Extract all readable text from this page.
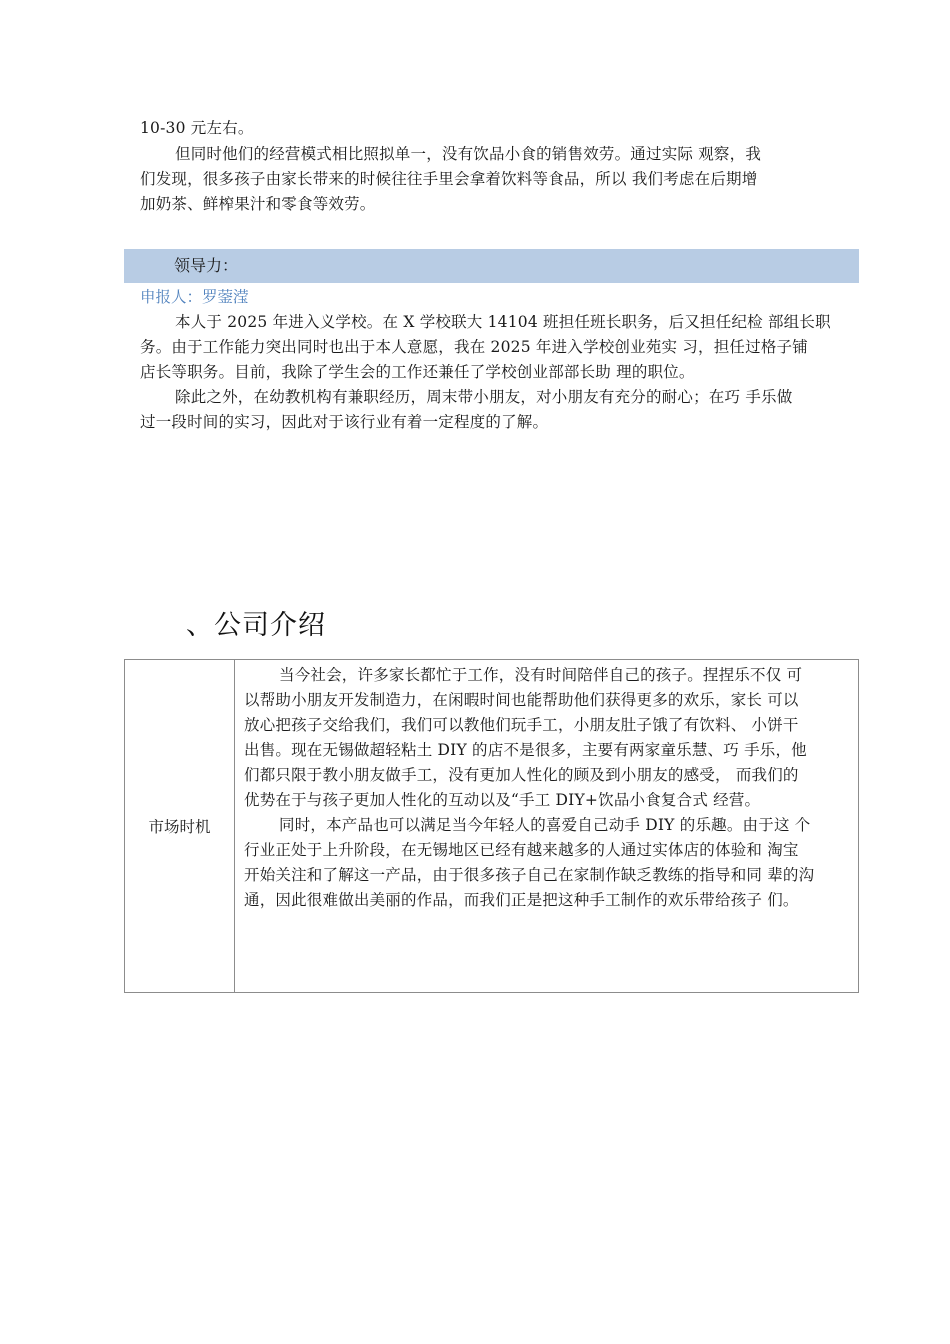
10-30 元左右。
但同时他们的经营模式相比照拟单一，没有饮品小食的销售效劳。通过实际 观察，我
们发现，很多孩子由家长带来的时候往往手里会拿着饮料等食品，所以 我们考虑在后期增
加奶茶、鲜榨果汁和零食等效劳。
领导力：
申报人：罗蓥滢
本人于 2025 年进入义学校。在 X 学校联大 14104 班担任班长职务，后又担任纪检 部组长职
务。由于工作能力突出同时也出于本人意愿，我在 2025 年进入学校创业苑实 习，担任过格子铺
店长等职务。目前，我除了学生会的工作还兼任了学校创业部部长助 理的职位。
除此之外，在幼教机构有兼职经历，周末带小朋友，对小朋友有充分的耐心；在巧 手乐做
过一段时间的实习，因此对于该行业有着一定程度的了解。
、公司介绍
市场时机	
当今社会，许多家长都忙于工作，没有时间陪伴自己的孩子。捏捏乐不仅 可
以帮助小朋友开发制造力，在闲暇时间也能帮助他们获得更多的欢乐，家长 可以
放心把孩子交给我们，我们可以教他们玩手工，小朋友肚子饿了有饮料、 小饼干
出售。现在无锡做超轻粘土 DIY 的店不是很多，主要有两家童乐慧、巧 手乐，他
们都只限于教小朋友做手工，没有更加人性化的顾及到小朋友的感受， 而我们的
优势在于与孩子更加人性化的互动以及“手工 DIY+饮品小食复合式 经营。
同时，本产品也可以满足当今年轻人的喜爱自己动手 DIY 的乐趣。由于这 个
行业正处于上升阶段，在无锡地区已经有越来越多的人通过实体店的体验和 淘宝
开始关注和了解这一产品，由于很多孩子自己在家制作缺乏教练的指导和同 辈的沟
通，因此很难做出美丽的作品，而我们正是把这种手工制作的欢乐带给孩子 们。
